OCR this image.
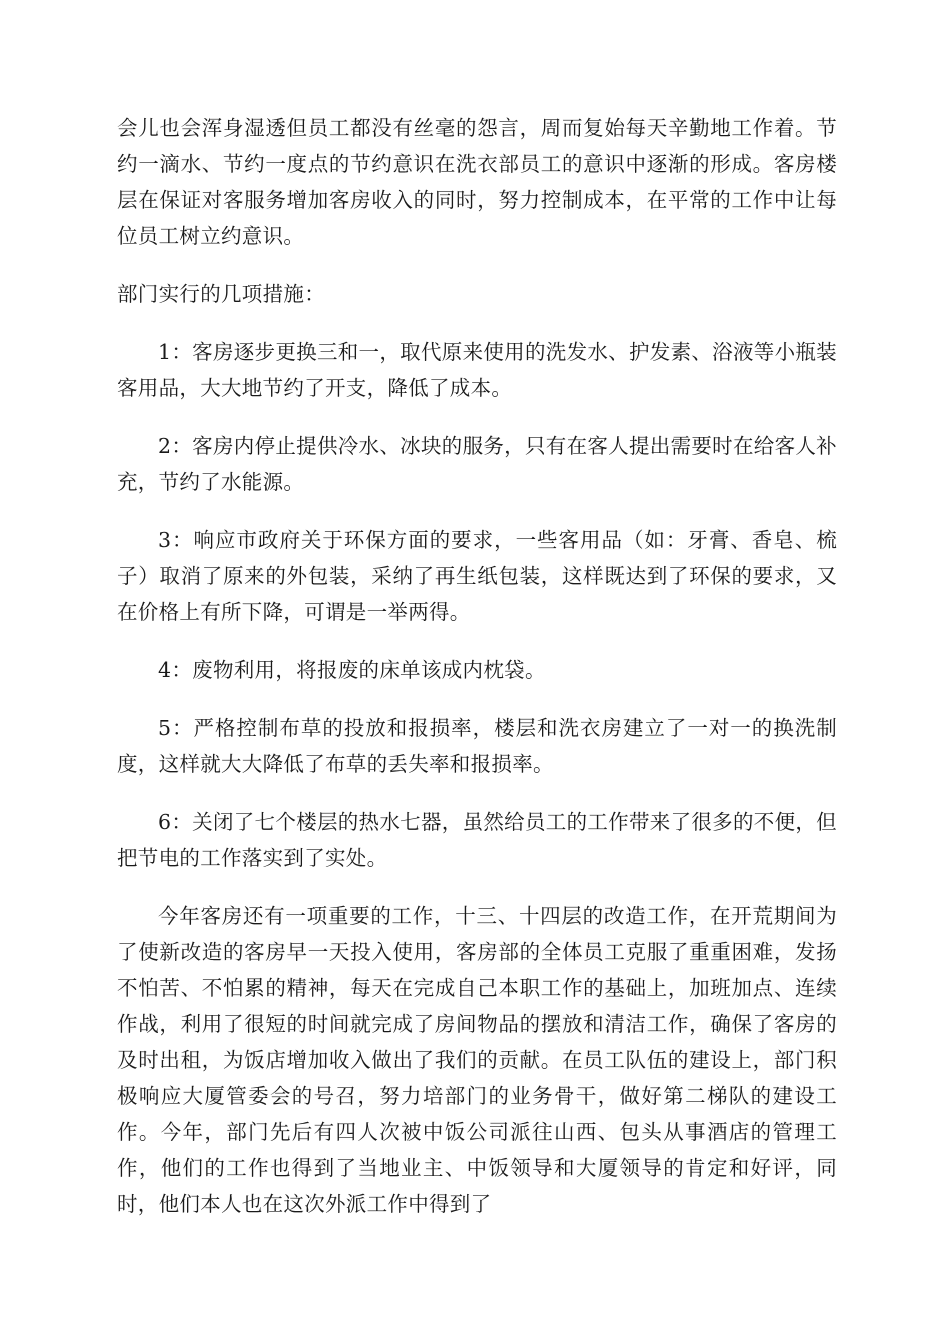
会儿也会浑身湿透但员工都没有丝毫的怨言，周而复始每天辛勤地工作着。节约一滴水、节约一度点的节约意识在洗衣部员工的意识中逐渐的形成。客房楼层在保证对客服务增加客房收入的同时，努力控制成本，在平常的工作中让每位员工树立约意识。

部门实行的几项措施：

1：客房逐步更换三和一，取代原来使用的洗发水、护发素、浴液等小瓶装客用品，大大地节约了开支，降低了成本。

2：客房内停止提供冷水、冰块的服务，只有在客人提出需要时在给客人补充，节约了水能源。

3：响应市政府关于环保方面的要求，一些客用品（如：牙膏、香皂、梳子）取消了原来的外包装，采纳了再生纸包装，这样既达到了环保的要求，又在价格上有所下降，可谓是一举两得。

4：废物利用，将报废的床单该成内枕袋。

5：严格控制布草的投放和报损率，楼层和洗衣房建立了一对一的换洗制度，这样就大大降低了布草的丢失率和报损率。

6：关闭了七个楼层的热水七器，虽然给员工的工作带来了很多的不便，但把节电的工作落实到了实处。

今年客房还有一项重要的工作，十三、十四层的改造工作，在开荒期间为了使新改造的客房早一天投入使用，客房部的全体员工克服了重重困难，发扬不怕苦、不怕累的精神，每天在完成自己本职工作的基础上，加班加点、连续作战，利用了很短的时间就完成了房间物品的摆放和清洁工作，确保了客房的及时出租，为饭店增加收入做出了我们的贡献。在员工队伍的建设上，部门积极响应大厦管委会的号召，努力培部门的业务骨干，做好第二梯队的建设工作。今年，部门先后有四人次被中饭公司派往山西、包头从事酒店的管理工作，他们的工作也得到了当地业主、中饭领导和大厦领导的肯定和好评，同时，他们本人也在这次外派工作中得到了
